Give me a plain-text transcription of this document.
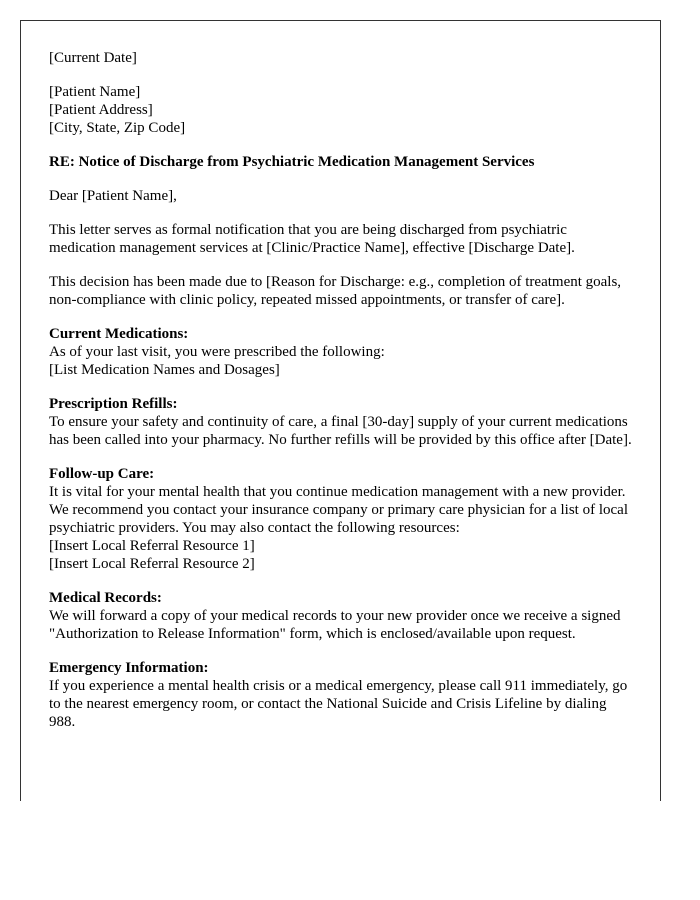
[Current Date]

[Patient Name]
[Patient Address]
[City, State, Zip Code]

RE: Notice of Discharge from Psychiatric Medication Management Services

Dear [Patient Name],

This letter serves as formal notification that you are being discharged from psychiatric medication management services at [Clinic/Practice Name], effective [Discharge Date].

This decision has been made due to [Reason for Discharge: e.g., completion of treatment goals, non-compliance with clinic policy, repeated missed appointments, or transfer of care].

Current Medications:
As of your last visit, you were prescribed the following:
[List Medication Names and Dosages]

Prescription Refills:
To ensure your safety and continuity of care, a final [30-day] supply of your current medications has been called into your pharmacy. No further refills will be provided by this office after [Date].

Follow-up Care:
It is vital for your mental health that you continue medication management with a new provider. We recommend you contact your insurance company or primary care physician for a list of local psychiatric providers. You may also contact the following resources:
[Insert Local Referral Resource 1]
[Insert Local Referral Resource 2]

Medical Records:
We will forward a copy of your medical records to your new provider once we receive a signed "Authorization to Release Information" form, which is enclosed/available upon request.

Emergency Information:
If you experience a mental health crisis or a medical emergency, please call 911 immediately, go to the nearest emergency room, or contact the National Suicide and Crisis Lifeline by dialing 988.
